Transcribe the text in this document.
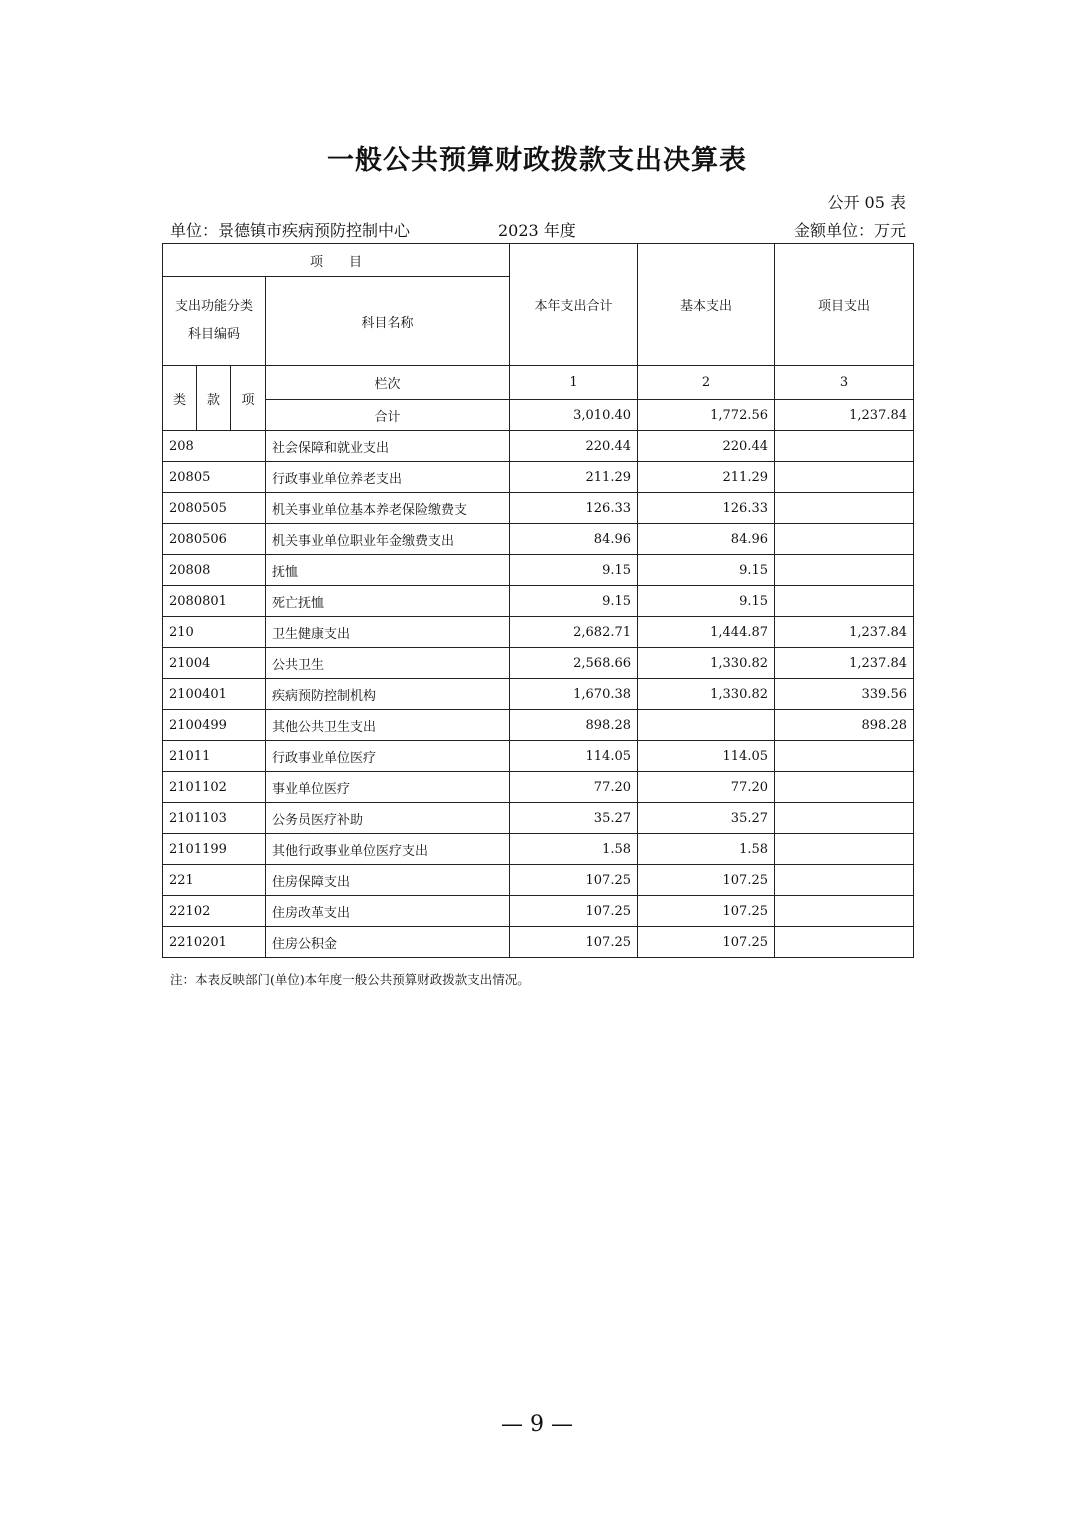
一般公共预算财政拨款支出决算表
公开 05 表
单位：景德镇市疾病预防控制中心	2023 年度	金额单位：万元
项　　目				本年支出合计	基本支出	项目支出
支出功能分类
科目编码			科目名称			
类	款	项	栏次	1	2	3
			合计	3,010.40	1,772.56	1,237.84
208			社会保障和就业支出	220.44	220.44	
20805			行政事业单位养老支出	211.29	211.29	
2080505			机关事业单位基本养老保险缴费支	126.33	126.33	
2080506			机关事业单位职业年金缴费支出	84.96	84.96	
20808			抚恤	9.15	9.15	
2080801			死亡抚恤	9.15	9.15	
210			卫生健康支出	2,682.71	1,444.87	1,237.84
21004			公共卫生	2,568.66	1,330.82	1,237.84
2100401			疾病预防控制机构	1,670.38	1,330.82	339.56
2100499			其他公共卫生支出	898.28		898.28
21011			行政事业单位医疗	114.05	114.05	
2101102			事业单位医疗	77.20	77.20	
2101103			公务员医疗补助	35.27	35.27	
2101199			其他行政事业单位医疗支出	1.58	1.58	
221			住房保障支出	107.25	107.25	
22102			住房改革支出	107.25	107.25	
2210201			住房公积金	107.25	107.25	
注：本表反映部门(单位)本年度一般公共预算财政拨款支出情况。
— 9 —
